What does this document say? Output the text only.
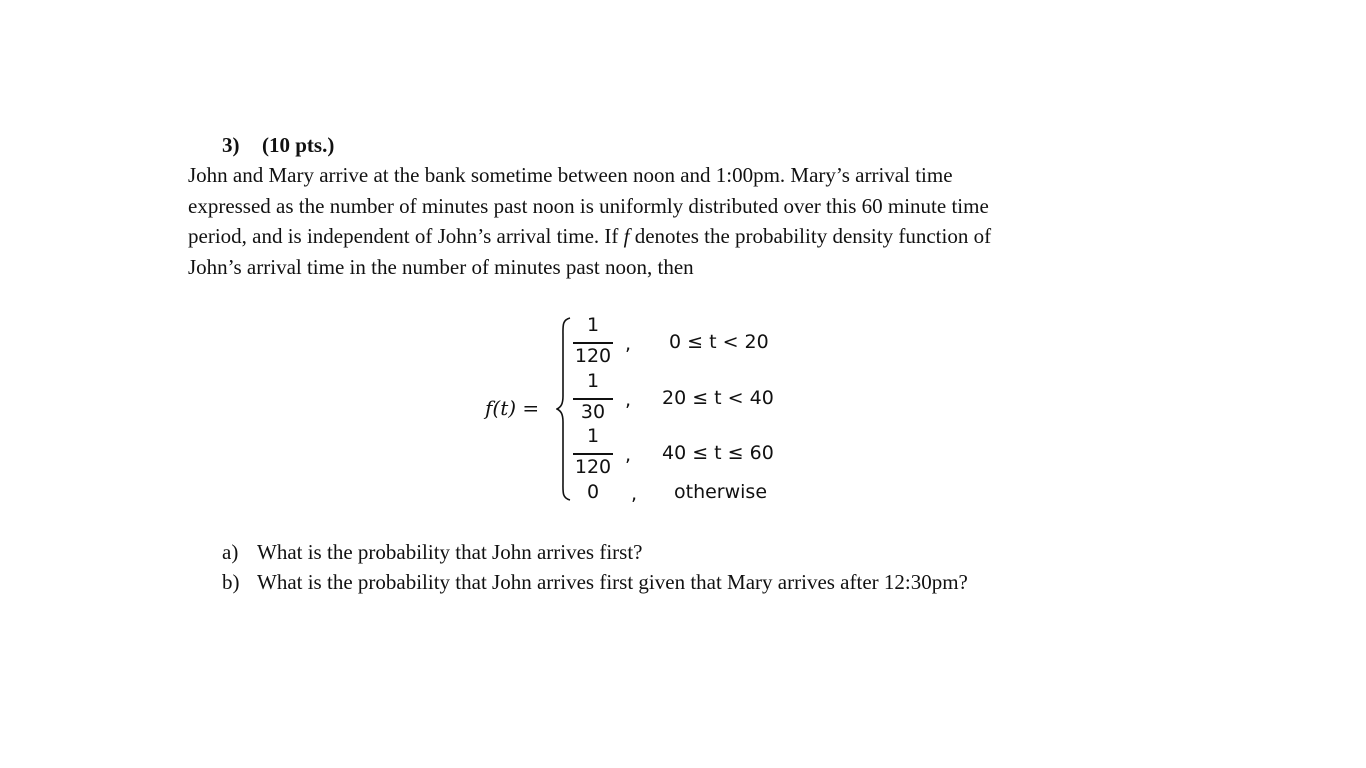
3) (10 pts.)
John and Mary arrive at the bank sometime between noon and 1:00pm. Mary’s arrival time
expressed as the number of minutes past noon is uniformly distributed over this 60 minute time
period, and is independent of John’s arrival time. If f denotes the probability density function of
John’s arrival time in the number of minutes past noon, then
f(t) =
1
120
, 0 ≤ t < 20
1
30
, 20 ≤ t < 40
1
120
, 40 ≤ t ≤ 60
0	, otherwise
a) What is the probability that John arrives first?
b) What is the probability that John arrives first given that Mary arrives after 12:30pm?
